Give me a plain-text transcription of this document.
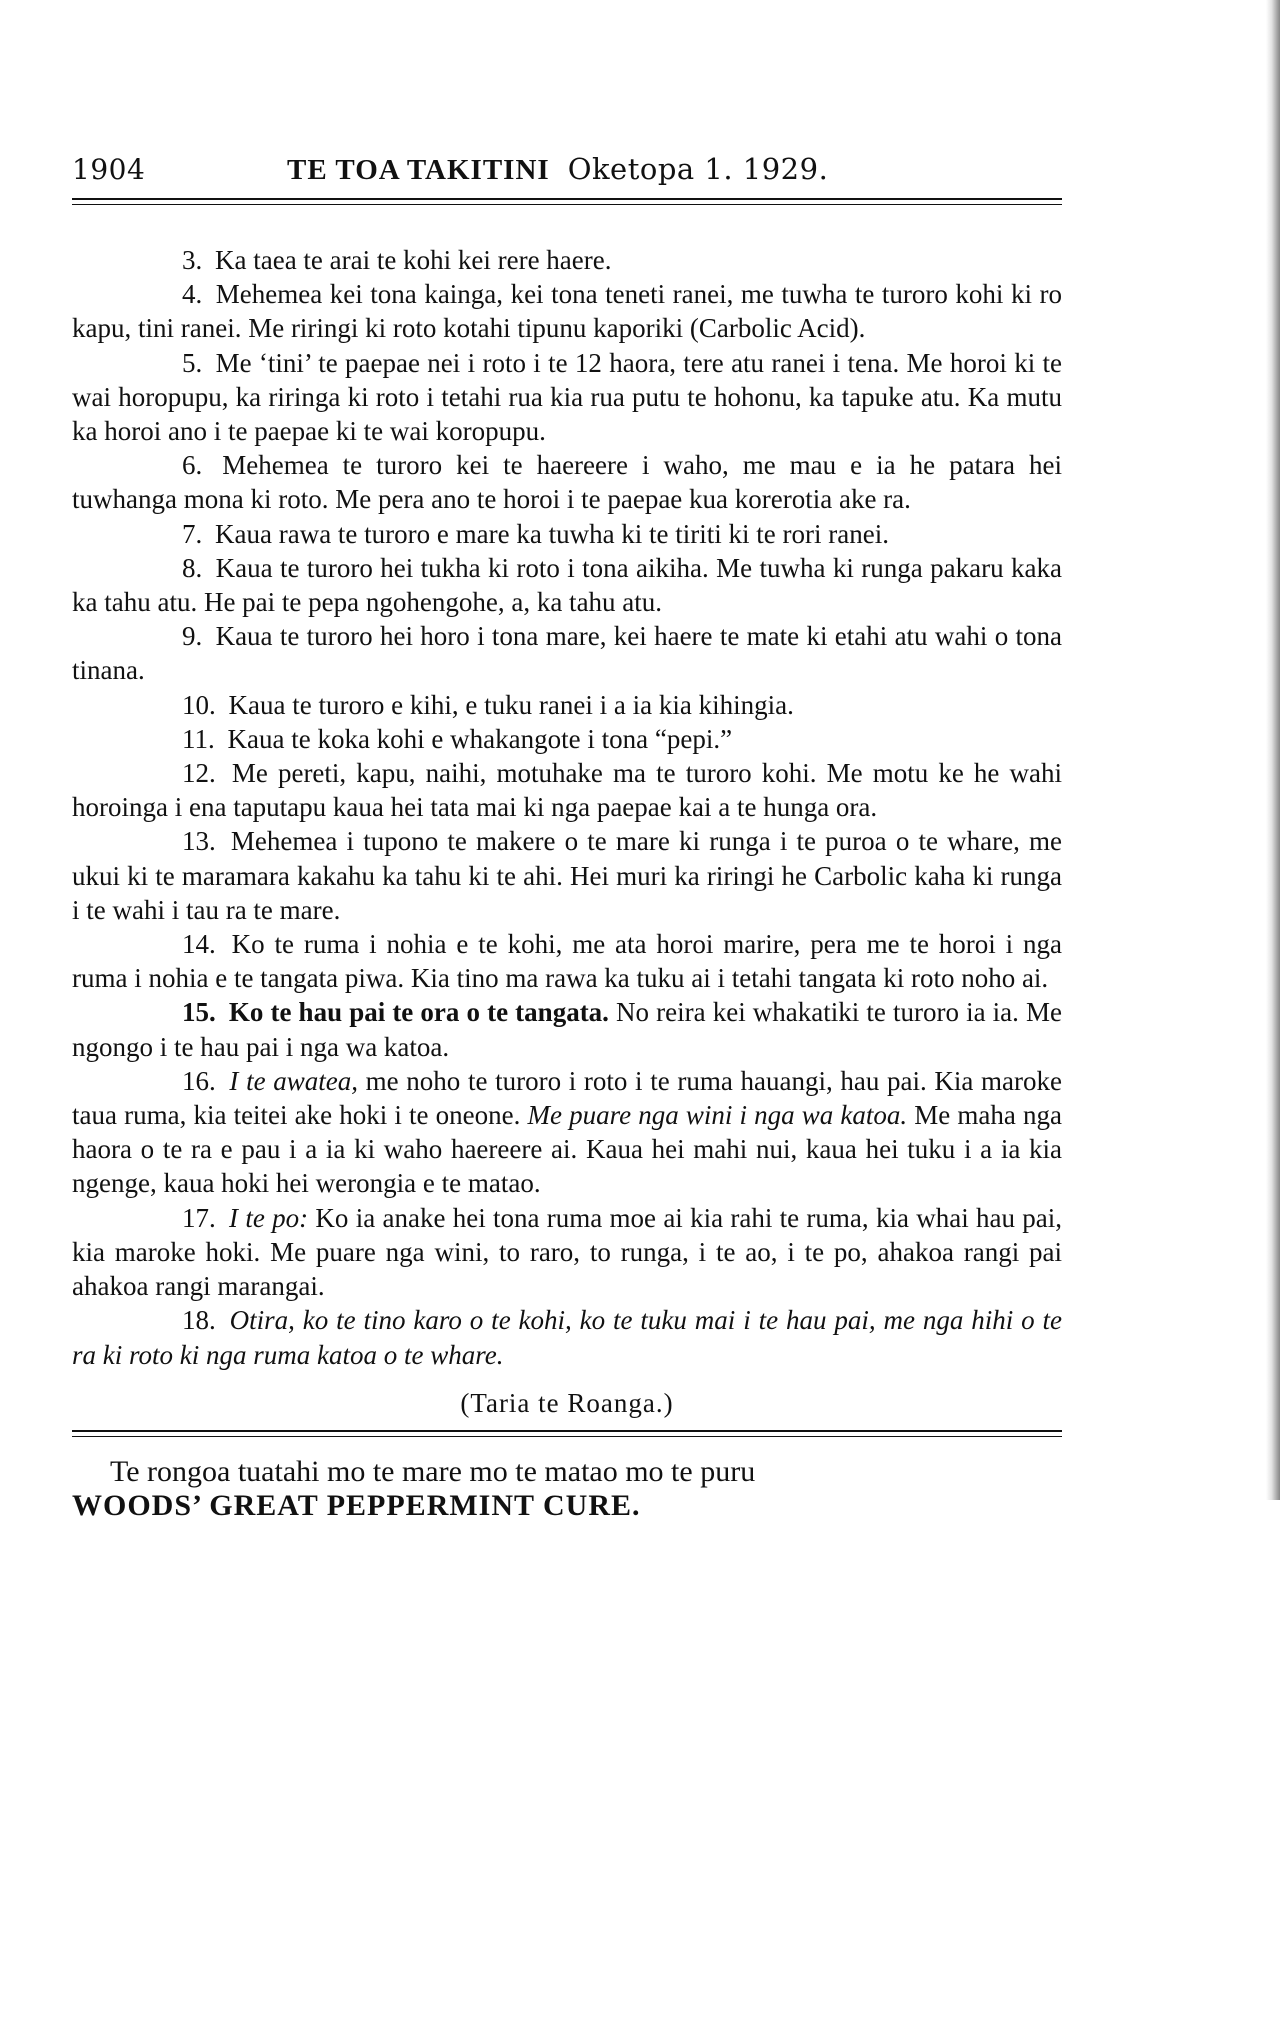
1904	TE TOA TAKITINI Oketopa 1. 1929.

3. Ka taea te arai te kohi kei rere haere.

4. Mehemea kei tona kainga, kei tona teneti ranei, me tuwha te turoro kohi ki ro kapu, tini ranei. Me riringi ki roto kotahi tipunu kaporiki (Carbolic Acid).

5. Me ‘tini’ te paepae nei i roto i te 12 haora, tere atu ranei i tena. Me horoi ki te wai horopupu, ka riringa ki roto i tetahi rua kia rua putu te hohonu, ka tapuke atu. Ka mutu ka horoi ano i te paepae ki te wai koropupu.

6. Mehemea te turoro kei te haereere i waho, me mau e ia he patara hei tuwhanga mona ki roto. Me pera ano te horoi i te paepae kua korerotia ake ra.

7. Kaua rawa te turoro e mare ka tuwha ki te tiriti ki te rori ranei.

8. Kaua te turoro hei tukha ki roto i tona aikiha. Me tuwha ki runga pakaru kaka ka tahu atu. He pai te pepa ngohengohe, a, ka tahu atu.

9. Kaua te turoro hei horo i tona mare, kei haere te mate ki etahi atu wahi o tona tinana.

10. Kaua te turoro e kihi, e tuku ranei i a ia kia kihingia.

11. Kaua te koka kohi e whakangote i tona “pepi.”

12. Me pereti, kapu, naihi, motuhake ma te turoro kohi. Me motu ke he wahi horoinga i ena taputapu kaua hei tata mai ki nga paepae kai a te hunga ora.

13. Mehemea i tupono te makere o te mare ki runga i te puroa o te whare, me ukui ki te maramara kakahu ka tahu ki te ahi. Hei muri ka riringi he Carbolic kaha ki runga i te wahi i tau ra te mare.

14. Ko te ruma i nohia e te kohi, me ata horoi marire, pera me te horoi i nga ruma i nohia e te tangata piwa. Kia tino ma rawa ka tuku ai i tetahi tangata ki roto noho ai.

15. Ko te hau pai te ora o te tangata. No reira kei whakatiki te turoro ia ia. Me ngongo i te hau pai i nga wa katoa.

16. I te awatea, me noho te turoro i roto i te ruma hauangi, hau pai. Kia maroke taua ruma, kia teitei ake hoki i te oneone. Me puare nga wini i nga wa katoa. Me maha nga haora o te ra e pau i a ia ki waho haereere ai. Kaua hei mahi nui, kaua hei tuku i a ia kia ngenge, kaua hoki hei werongia e te matao.

17. I te po: Ko ia anake hei tona ruma moe ai kia rahi te ruma, kia whai hau pai, kia maroke hoki. Me puare nga wini, to raro, to runga, i te ao, i te po, ahakoa rangi pai ahakoa rangi marangai.

18. Otira, ko te tino karo o te kohi, ko te tuku mai i te hau pai, me nga hihi o te ra ki roto ki nga ruma katoa o te whare.

(Taria te Roanga.)
Te rongoa tuatahi mo te mare mo te matao mo te puru
WOODS’ GREAT PEPPERMINT CURE.
